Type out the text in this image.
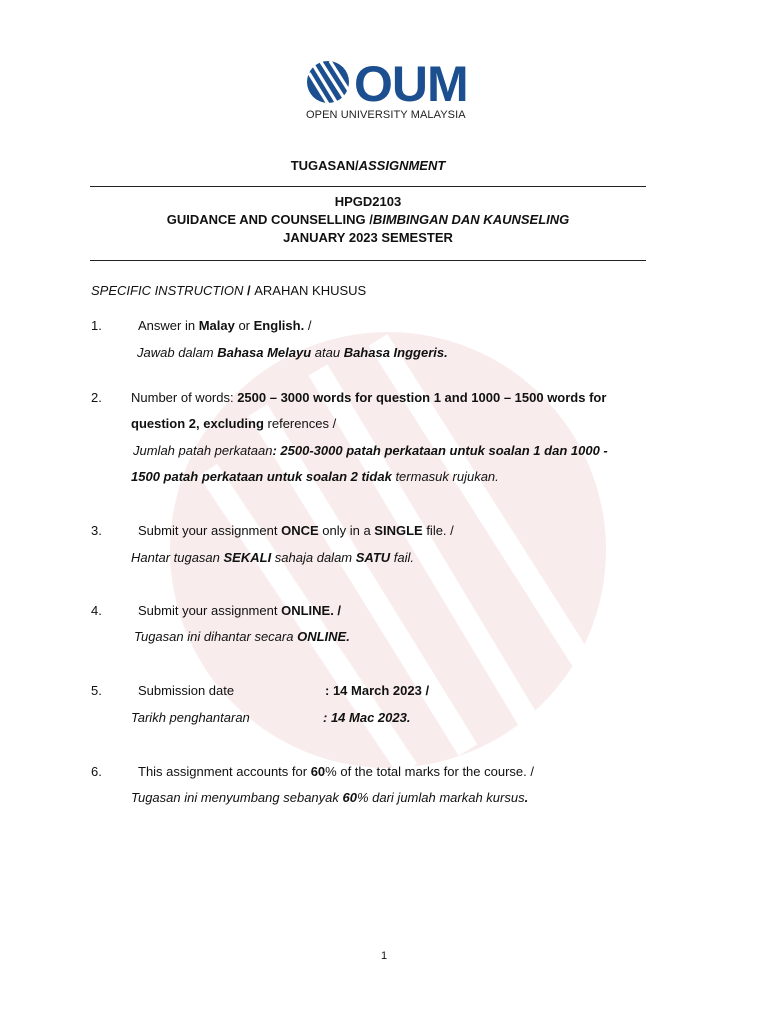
OUM
OPEN UNIVERSITY MALAYSIA
TUGASAN/ASSIGNMENT
HPGD2103
GUIDANCE AND COUNSELLING /BIMBINGAN DAN KAUNSELING
JANUARY 2023 SEMESTER
SPECIFIC INSTRUCTION / ARAHAN KHUSUS
1.	Answer in Malay or English. /
Jawab dalam Bahasa Melayu atau Bahasa Inggeris.
2. Number of words: 2500 – 3000 words for question 1 and 1000 – 1500 words for
question 2, excluding references /
Jumlah patah perkataan: 2500-3000 patah perkataan untuk soalan 1 dan 1000 -
1500 patah perkataan untuk soalan 2 tidak termasuk rujukan.
3.	Submit your assignment ONCE only in a SINGLE file. /
Hantar tugasan SEKALI sahaja dalam SATU fail.
4.	Submit your assignment ONLINE. /
Tugasan ini dihantar secara ONLINE.
5.	Submission date	: 14 March 2023 /
Tarikh penghantaran	: 14 Mac 2023.
6.	This assignment accounts for 60% of the total marks for the course. /
Tugasan ini menyumbang sebanyak 60% dari jumlah markah kursus.
1
